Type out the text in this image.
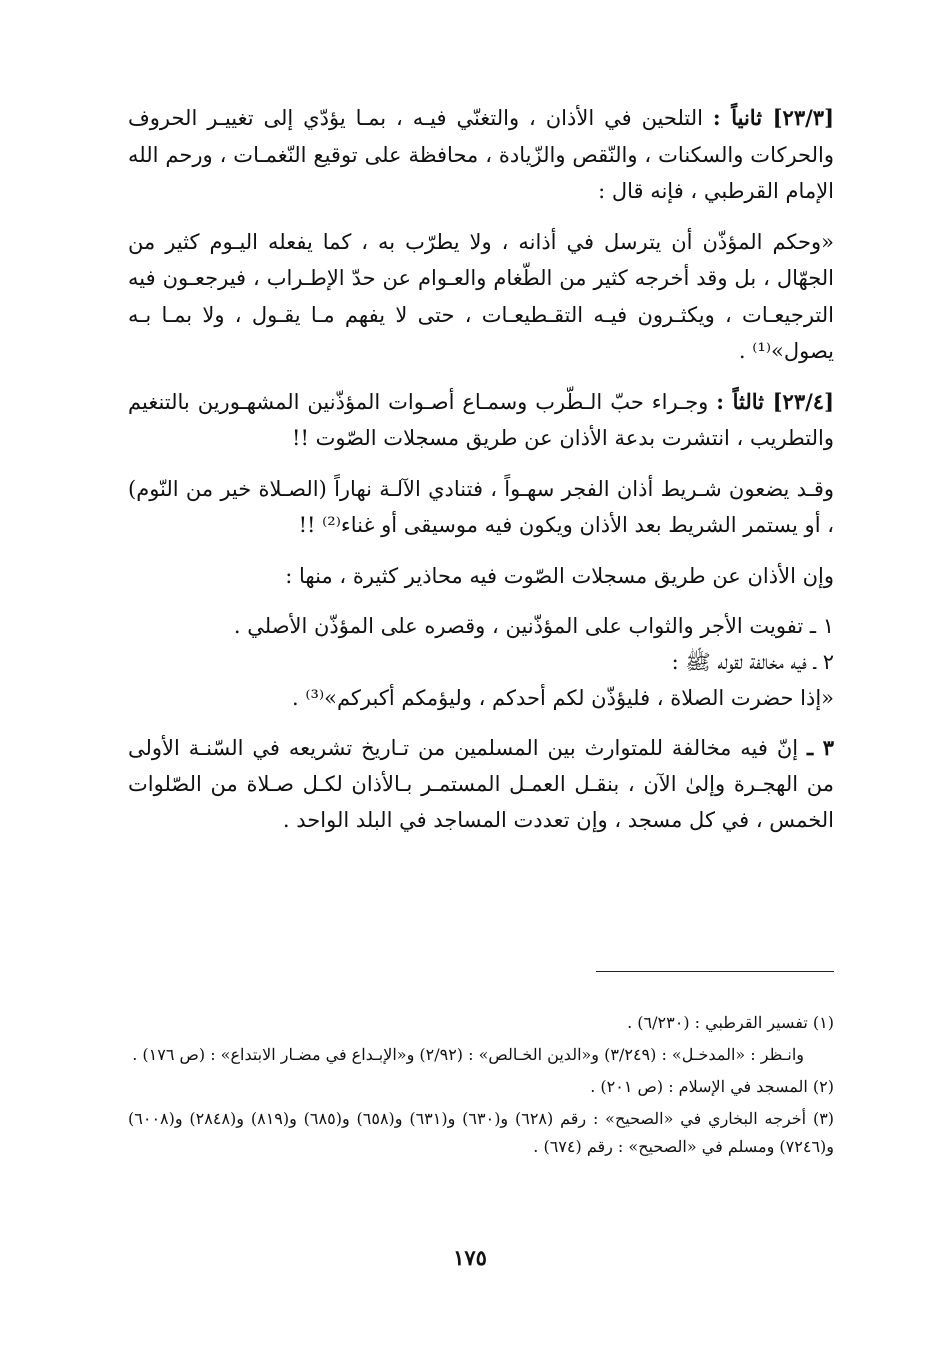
[٢٣/٣] ثانياً : التلحين في الأذان ، والتغنّي فيـه ، بمـا يؤدّي إلى تغييـر الحروف والحركات والسكنات ، والنّقص والزّيادة ، محافظة على توقيع النّغمـات ، ورحم الله الإمام القرطبي ، فإنه قال :

«وحكم المؤذّن أن يترسل في أذانه ، ولا يطرّب به ، كما يفعله اليـوم كثير من الجهّال ، بل وقد أخرجه كثير من الطّغام والعـوام عن حدّ الإطـراب ، فيرجعـون فيه الترجيعـات ، ويكثـرون فيـه التقـطيعـات ، حتى لا يفهم مـا يقـول ، ولا بمـا بـه يصول»⁽¹⁾ .

[٢٣/٤] ثالثاً : وجـراء حبّ الـطّرب وسمـاع أصـوات المؤذّنين المشهـورين بالتنغيم والتطريب ، انتشرت بدعة الأذان عن طريق مسجلات الصّوت !!

وقـد يضعون شـريط أذان الفجر سهـواً ، فتنادي الآلـة نهاراً (الصـلاة خير من النّوم) ، أو يستمر الشريط بعد الأذان ويكون فيه موسيقى أو غناء⁽²⁾ !!

وإن الأذان عن طريق مسجلات الصّوت فيه محاذير كثيرة ، منها :

١ ـ تفويت الأجر والثواب على المؤذّنين ، وقصره على المؤذّن الأصلي .

٢ ـ فيه مخالفة لقوله ﷺ :

«إذا حضرت الصلاة ، فليؤذّن لكم أحدكم ، وليؤمكم أكبركم»⁽³⁾ .

٣ ـ إنّ فيه مخالفة للمتوارث بين المسلمين من تـاريخ تشريعه في السّنـة الأولى من الهجـرة وإلىٰ الآن ، بنقـل العمـل المستمـر بـالأذان لكـل صـلاة من الصّلوات الخمس ، في كل مسجد ، وإن تعددت المساجد في البلد الواحد .

(١) تفسير القرطبي : (٦/٢٣٠) .

وانـظر : «المدخـل» : (٣/٢٤٩) و«الدين الخـالص» : (٢/٩٢) و«الإبـداع في مضـار الابتداع» : (ص ١٧٦) .

(٢) المسجد في الإسلام : (ص ٢٠١) .

(٣) أخرجه البخاري في «الصحيح» : رقم (٦٢٨) و(٦٣٠) و(٦٣١) و(٦٥٨) و(٦٨٥) و(٨١٩) و(٢٨٤٨) و(٦٠٠٨) و(٧٢٤٦) ومسلم في «الصحيح» : رقم (٦٧٤) .

١٧٥
